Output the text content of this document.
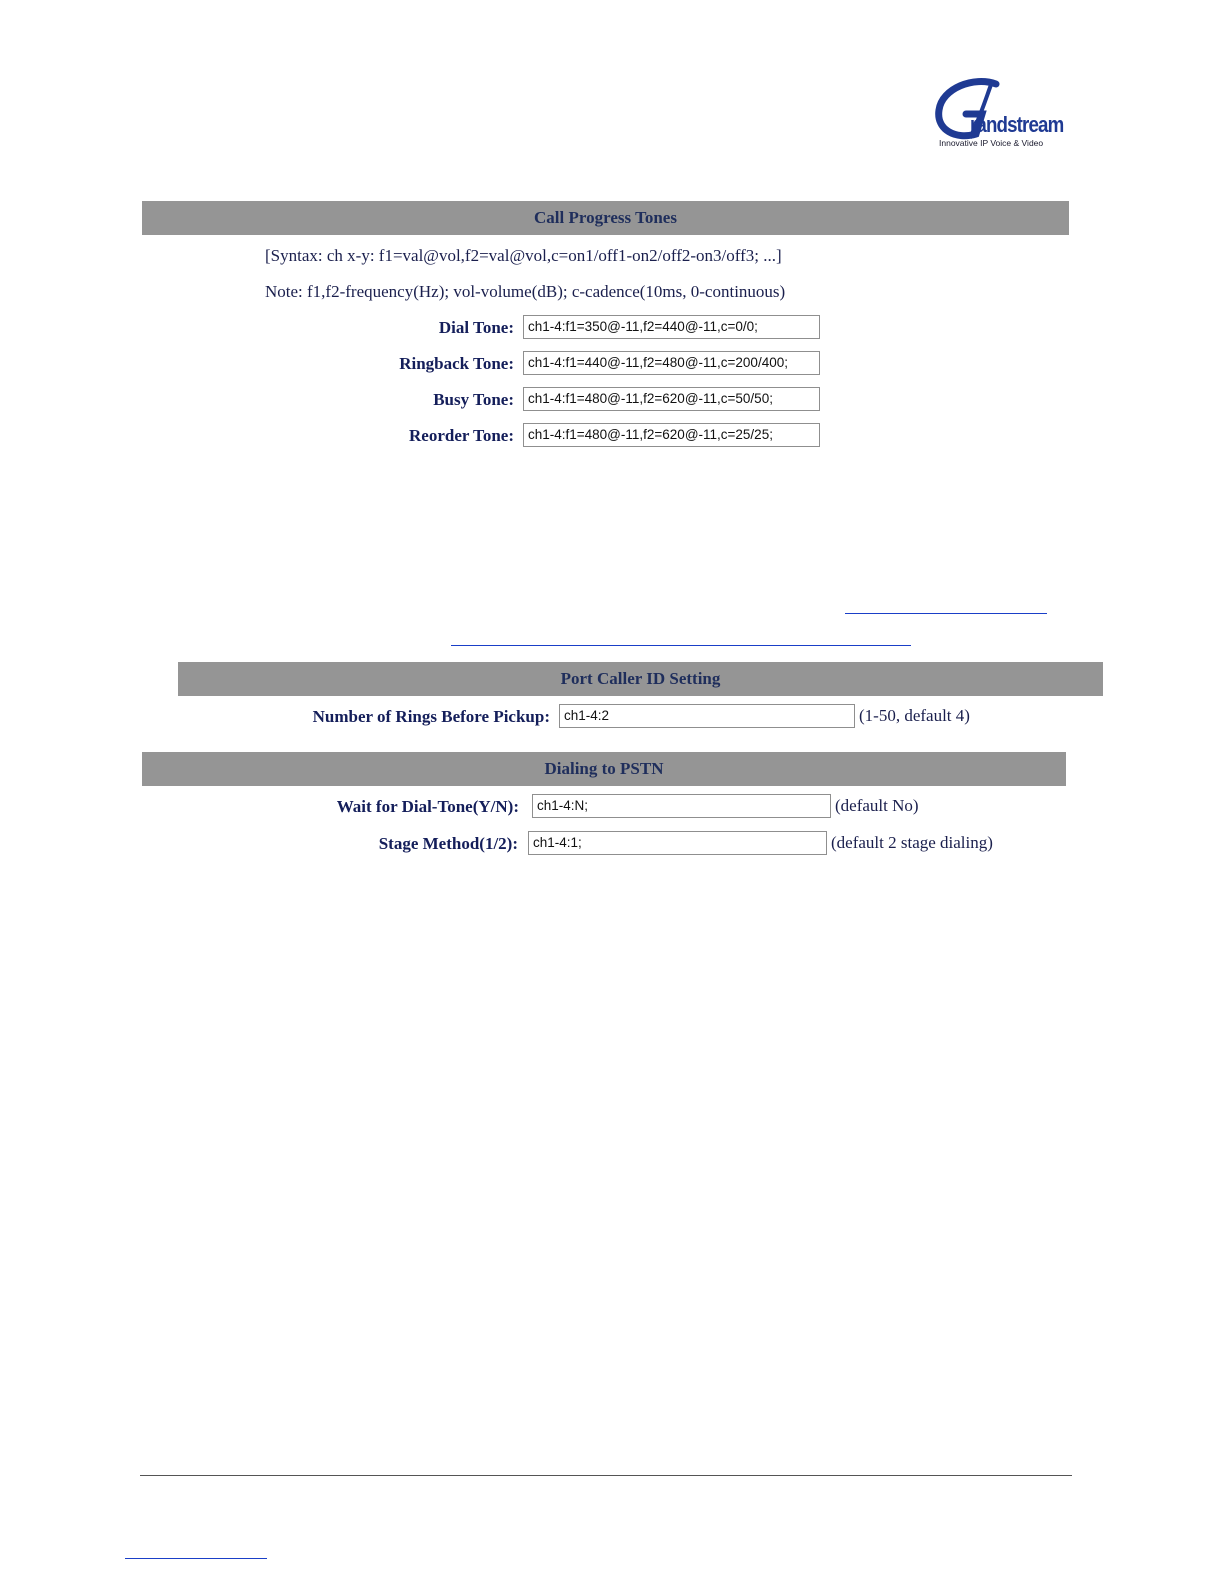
randstream
Innovative IP Voice & Video
Call Progress Tones
[Syntax: ch x-y: f1=val@vol,f2=val@vol,c=on1/off1-on2/off2-on3/off3; ...]
Note: f1,f2-frequency(Hz); vol-volume(dB); c-cadence(10ms, 0-continuous)
Dial Tone:	ch1-4:f1=350@-11,f2=440@-11,c=0/0;
Ringback Tone:	ch1-4:f1=440@-11,f2=480@-11,c=200/400;
Busy Tone:	ch1-4:f1=480@-11,f2=620@-11,c=50/50;
Reorder Tone:	ch1-4:f1=480@-11,f2=620@-11,c=25/25;
Port Caller ID Setting
Number of Rings Before Pickup:	ch1-4:2	(1-50, default 4)
Dialing to PSTN
Wait for Dial-Tone(Y/N):	ch1-4:N;	(default No)
Stage Method(1/2):	ch1-4:1;	(default 2 stage dialing)
